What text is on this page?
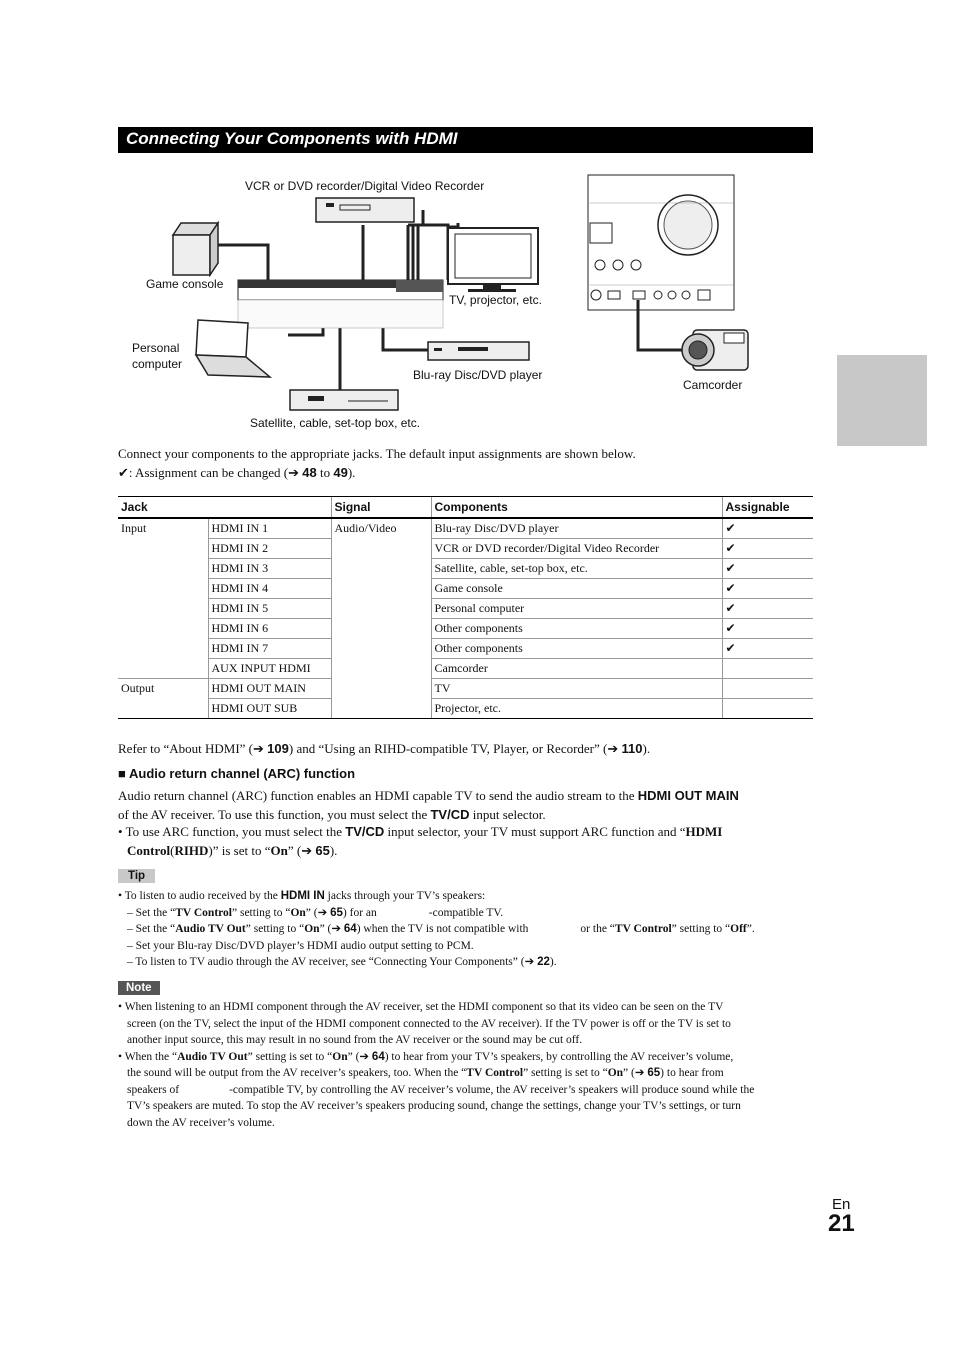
Connecting Your Components with HDMI
VCR or DVD recorder/Digital Video Recorder
Game console
TV, projector, etc.
Personal
computer
Blu-ray Disc/DVD player
Satellite, cable, set-top box, etc.
Camcorder

Connect your components to the appropriate jacks. The default input assignments are shown below.

✔: Assignment can be changed (➔ 48 to 49).

Jack		Signal	Components	Assignable
Input	HDMI IN 1	Audio/Video	Blu-ray Disc/DVD player	✔
	HDMI IN 2		VCR or DVD recorder/Digital Video Recorder	✔
	HDMI IN 3		Satellite, cable, set-top box, etc.	✔
	HDMI IN 4		Game console	✔
	HDMI IN 5		Personal computer	✔
	HDMI IN 6		Other components	✔
	HDMI IN 7		Other components	✔
	AUX INPUT HDMI		Camcorder	
Output	HDMI OUT MAIN		TV	
	HDMI OUT SUB		Projector, etc.	

Refer to “About HDMI” (➔ 109) and “Using an RIHD-compatible TV, Player, or Recorder” (➔ 110).

■ Audio return channel (ARC) function

Audio return channel (ARC) function enables an HDMI capable TV to send the audio stream to the HDMI OUT MAIN

of the AV receiver. To use this function, you must select the TV/CD input selector.

• To use ARC function, you must select the TV/CD input selector, your TV must support ARC function and “HDMI

Control(RIHD)” is set to “On” (➔ 65).

Tip

• To listen to audio received by the HDMI IN jacks through your TV’s speakers:

– Set the “TV Control” setting to “On” (➔ 65) for an	-compatible TV.

– Set the “Audio TV Out” setting to “On” (➔ 64) when the TV is not compatible with	or the “TV Control” setting to “Off”.

– Set your Blu-ray Disc/DVD player’s HDMI audio output setting to PCM.

– To listen to TV audio through the AV receiver, see “Connecting Your Components” (➔ 22).

Note

• When listening to an HDMI component through the AV receiver, set the HDMI component so that its video can be seen on the TV

screen (on the TV, select the input of the HDMI component connected to the AV receiver). If the TV power is off or the TV is set to

another input source, this may result in no sound from the AV receiver or the sound may be cut off.

• When the “Audio TV Out” setting is set to “On” (➔ 64) to hear from your TV’s speakers, by controlling the AV receiver’s volume,

the sound will be output from the AV receiver’s speakers, too. When the “TV Control” setting is set to “On” (➔ 65) to hear from

speakers of	-compatible TV, by controlling the AV receiver’s volume, the AV receiver’s speakers will produce sound while the

TV’s speakers are muted. To stop the AV receiver’s speakers producing sound, change the settings, change your TV’s settings, or turn

down the AV receiver’s volume.

En
21
